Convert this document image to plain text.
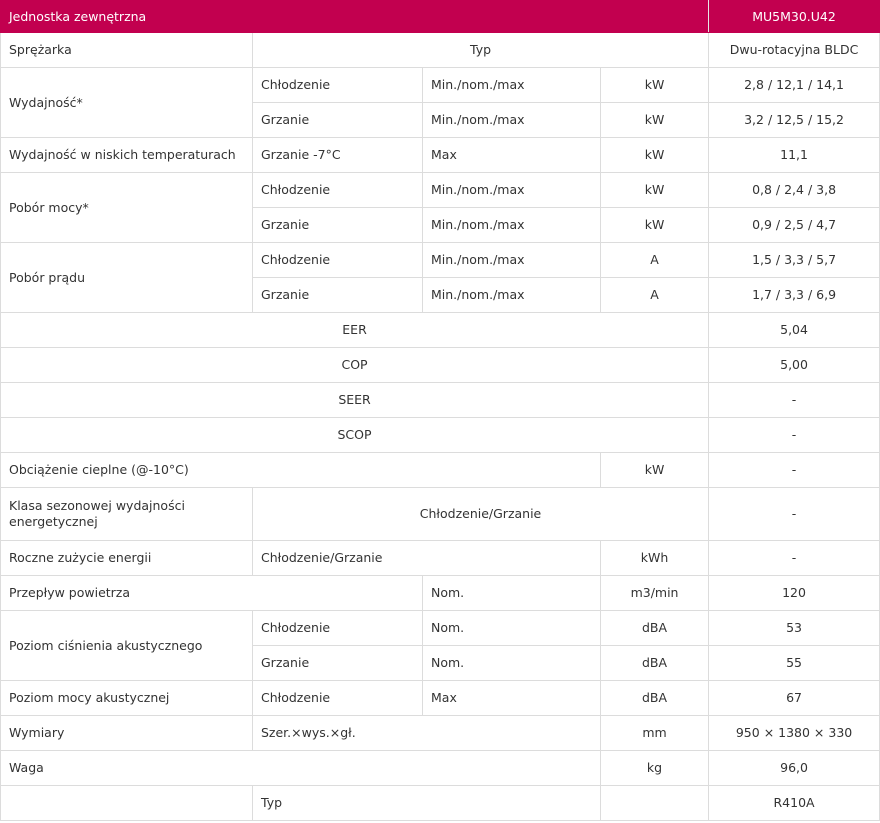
Jednostka zewnętrzna				MU5M30.U42
Sprężarka	Typ			Dwu-rotacyjna BLDC
Wydajność*	Chłodzenie	Min./nom./max	kW	2,8 / 12,1 / 14,1
	Grzanie	Min./nom./max	kW	3,2 / 12,5 / 15,2
Wydajność w niskich temperaturach	Grzanie -7°C	Max	kW	11,1
Pobór mocy*	Chłodzenie	Min./nom./max	kW	0,8 / 2,4 / 3,8
	Grzanie	Min./nom./max	kW	0,9 / 2,5 / 4,7
Pobór prądu	Chłodzenie	Min./nom./max	A	1,5 / 3,3 / 5,7
	Grzanie	Min./nom./max	A	1,7 / 3,3 / 6,9
EER				5,04
COP				5,00
SEER				-
SCOP				-
Obciążenie cieplne (@-10°C)			kW	-
Klasa sezonowej wydajności energetycznej	Chłodzenie/Grzanie			-
Roczne zużycie energii	Chłodzenie/Grzanie		kWh	-
Przepływ powietrza		Nom.	m3/min	120
Poziom ciśnienia akustycznego	Chłodzenie	Nom.	dBA	53
	Grzanie	Nom.	dBA	55
Poziom mocy akustycznej	Chłodzenie	Max	dBA	67
Wymiary	Szer.×wys.×gł.		mm	950 × 1380 × 330
Waga			kg	96,0
	Typ			R410A
